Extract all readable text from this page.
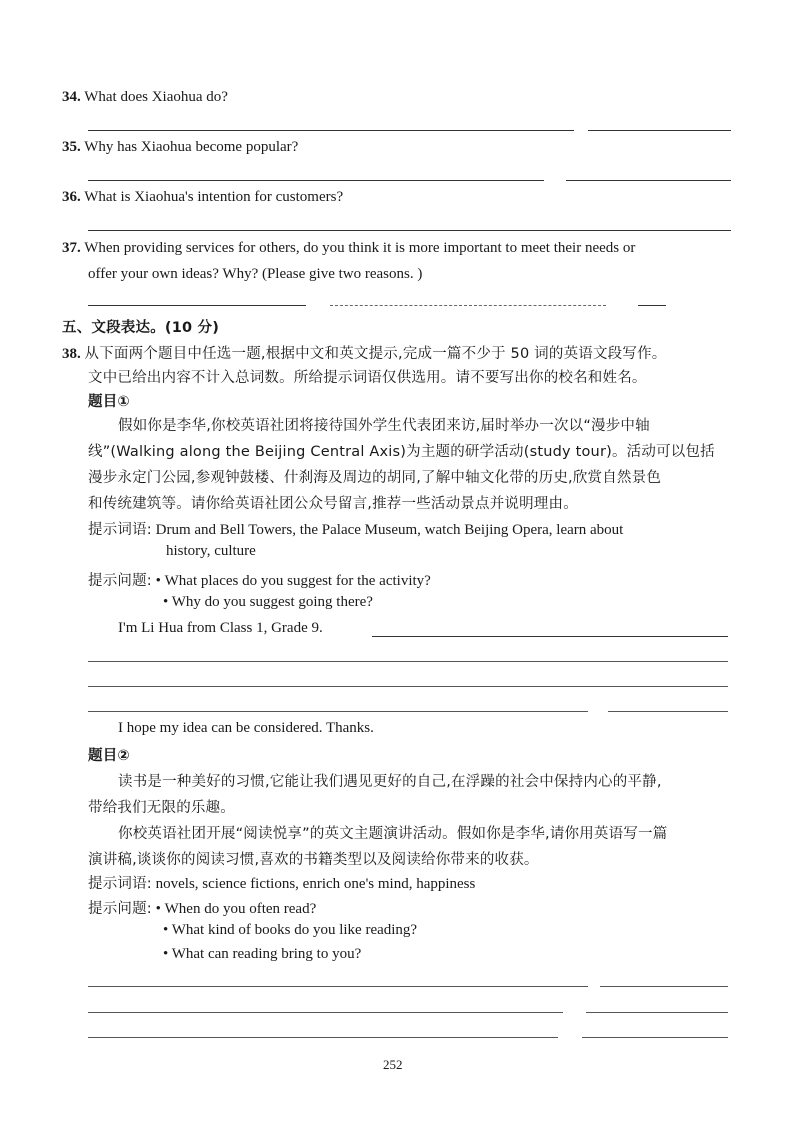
34. What does Xiaohua do?
35. Why has Xiaohua become popular?
36. What is Xiaohua's intention for customers?
37. When providing services for others, do you think it is more important to meet their needs or
offer your own ideas? Why? (Please give two reasons. )
五、文段表达。(10 分)
38. 从下面两个题目中任选一题,根据中文和英文提示,完成一篇不少于 50 词的英语文段写作。
文中已给出内容不计入总词数。所给提示词语仅供选用。请不要写出你的校名和姓名。
题目①
假如你是李华,你校英语社团将接待国外学生代表团来访,届时举办一次以“漫步中轴
线”(Walking along the Beijing Central Axis)为主题的研学活动(study tour)。活动可以包括
漫步永定门公园,参观钟鼓楼、什刹海及周边的胡同,了解中轴文化带的历史,欣赏自然景色
和传统建筑等。请你给英语社团公众号留言,推荐一些活动景点并说明理由。
提示词语: Drum and Bell Towers, the Palace Museum, watch Beijing Opera, learn about
history, culture
提示问题: • What places do you suggest for the activity?
• Why do you suggest going there?
I'm Li Hua from Class 1, Grade 9.
I hope my idea can be considered. Thanks.
题目②
读书是一种美好的习惯,它能让我们遇见更好的自己,在浮躁的社会中保持内心的平静,
带给我们无限的乐趣。
你校英语社团开展“阅读悦享”的英文主题演讲活动。假如你是李华,请你用英语写一篇
演讲稿,谈谈你的阅读习惯,喜欢的书籍类型以及阅读给你带来的收获。
提示词语: novels, science fictions, enrich one's mind, happiness
提示问题: • When do you often read?
• What kind of books do you like reading?
• What can reading bring to you?
252
